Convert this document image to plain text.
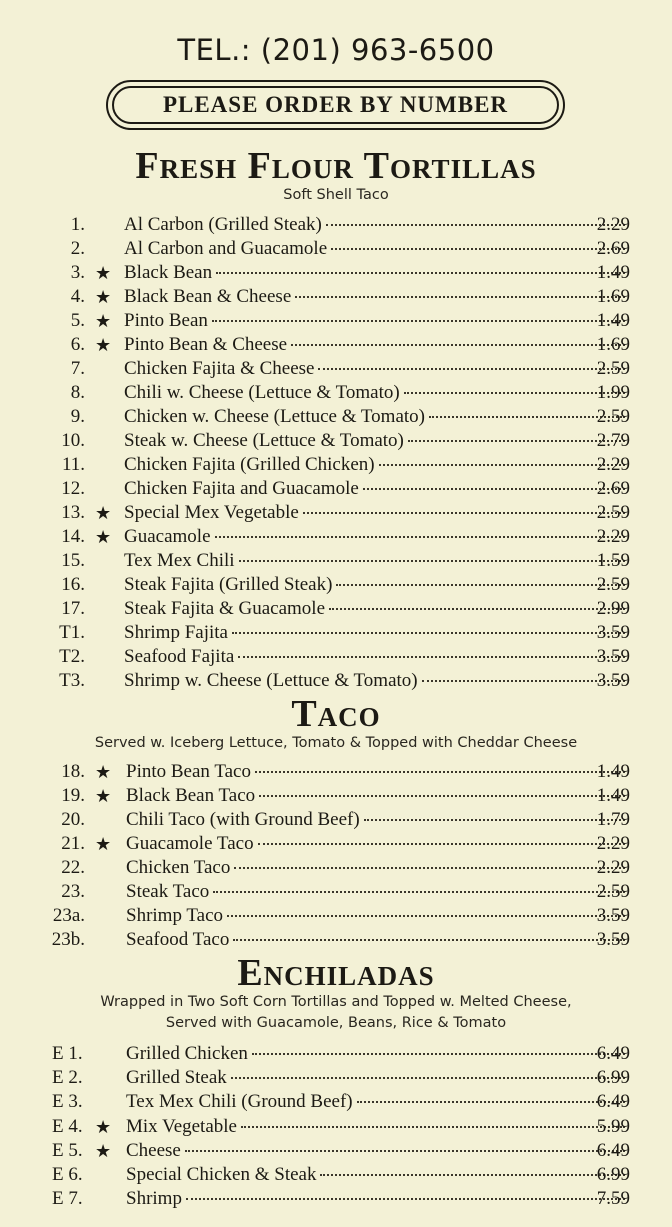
TEL.: (201) 963-6500
PLEASE ORDER BY NUMBER
Fresh Flour Tortillas
Soft Shell Taco
1. Al Carbon (Grilled Steak)	2.29
2. Al Carbon and Guacamole	2.69
3. ★ Black Bean	1.49
4. ★ Black Bean & Cheese	1.69
5. ★ Pinto Bean	1.49
6. ★ Pinto Bean & Cheese	1.69
7. Chicken Fajita & Cheese	2.59
8. Chili w. Cheese (Lettuce & Tomato)	1.99
9. Chicken w. Cheese (Lettuce & Tomato)	2.59
10. Steak w. Cheese (Lettuce & Tomato)	2.79
11. Chicken Fajita (Grilled Chicken)	2.29
12. Chicken Fajita and Guacamole	2.69
13. ★ Special Mex Vegetable	2.59
14. ★ Guacamole	2.29
15. Tex Mex Chili	1.59
16. Steak Fajita (Grilled Steak)	2.59
17. Steak Fajita & Guacamole	2.99
T1. Shrimp Fajita	3.59
T2. Seafood Fajita	3.59
T3. Shrimp w. Cheese (Lettuce & Tomato)	3.59
Taco
Served w. Iceberg Lettuce, Tomato & Topped with Cheddar Cheese
18. ★ Pinto Bean Taco	1.49
19. ★ Black Bean Taco	1.49
20. Chili Taco (with Ground Beef)	1.79
21. ★ Guacamole Taco	2.29
22. Chicken Taco	2.29
23. Steak Taco	2.59
23a. Shrimp Taco	3.59
23b. Seafood Taco	3.59
Enchiladas
Wrapped in Two Soft Corn Tortillas and Topped w. Melted Cheese,
Served with Guacamole, Beans, Rice & Tomato
E 1. Grilled Chicken	6.49
E 2. Grilled Steak	6.99
E 3. Tex Mex Chili (Ground Beef)	6.49
E 4. ★ Mix Vegetable	5.99
E 5. ★ Cheese	6.49
E 6. Special Chicken & Steak	6.99
E 7. Shrimp	7.59
